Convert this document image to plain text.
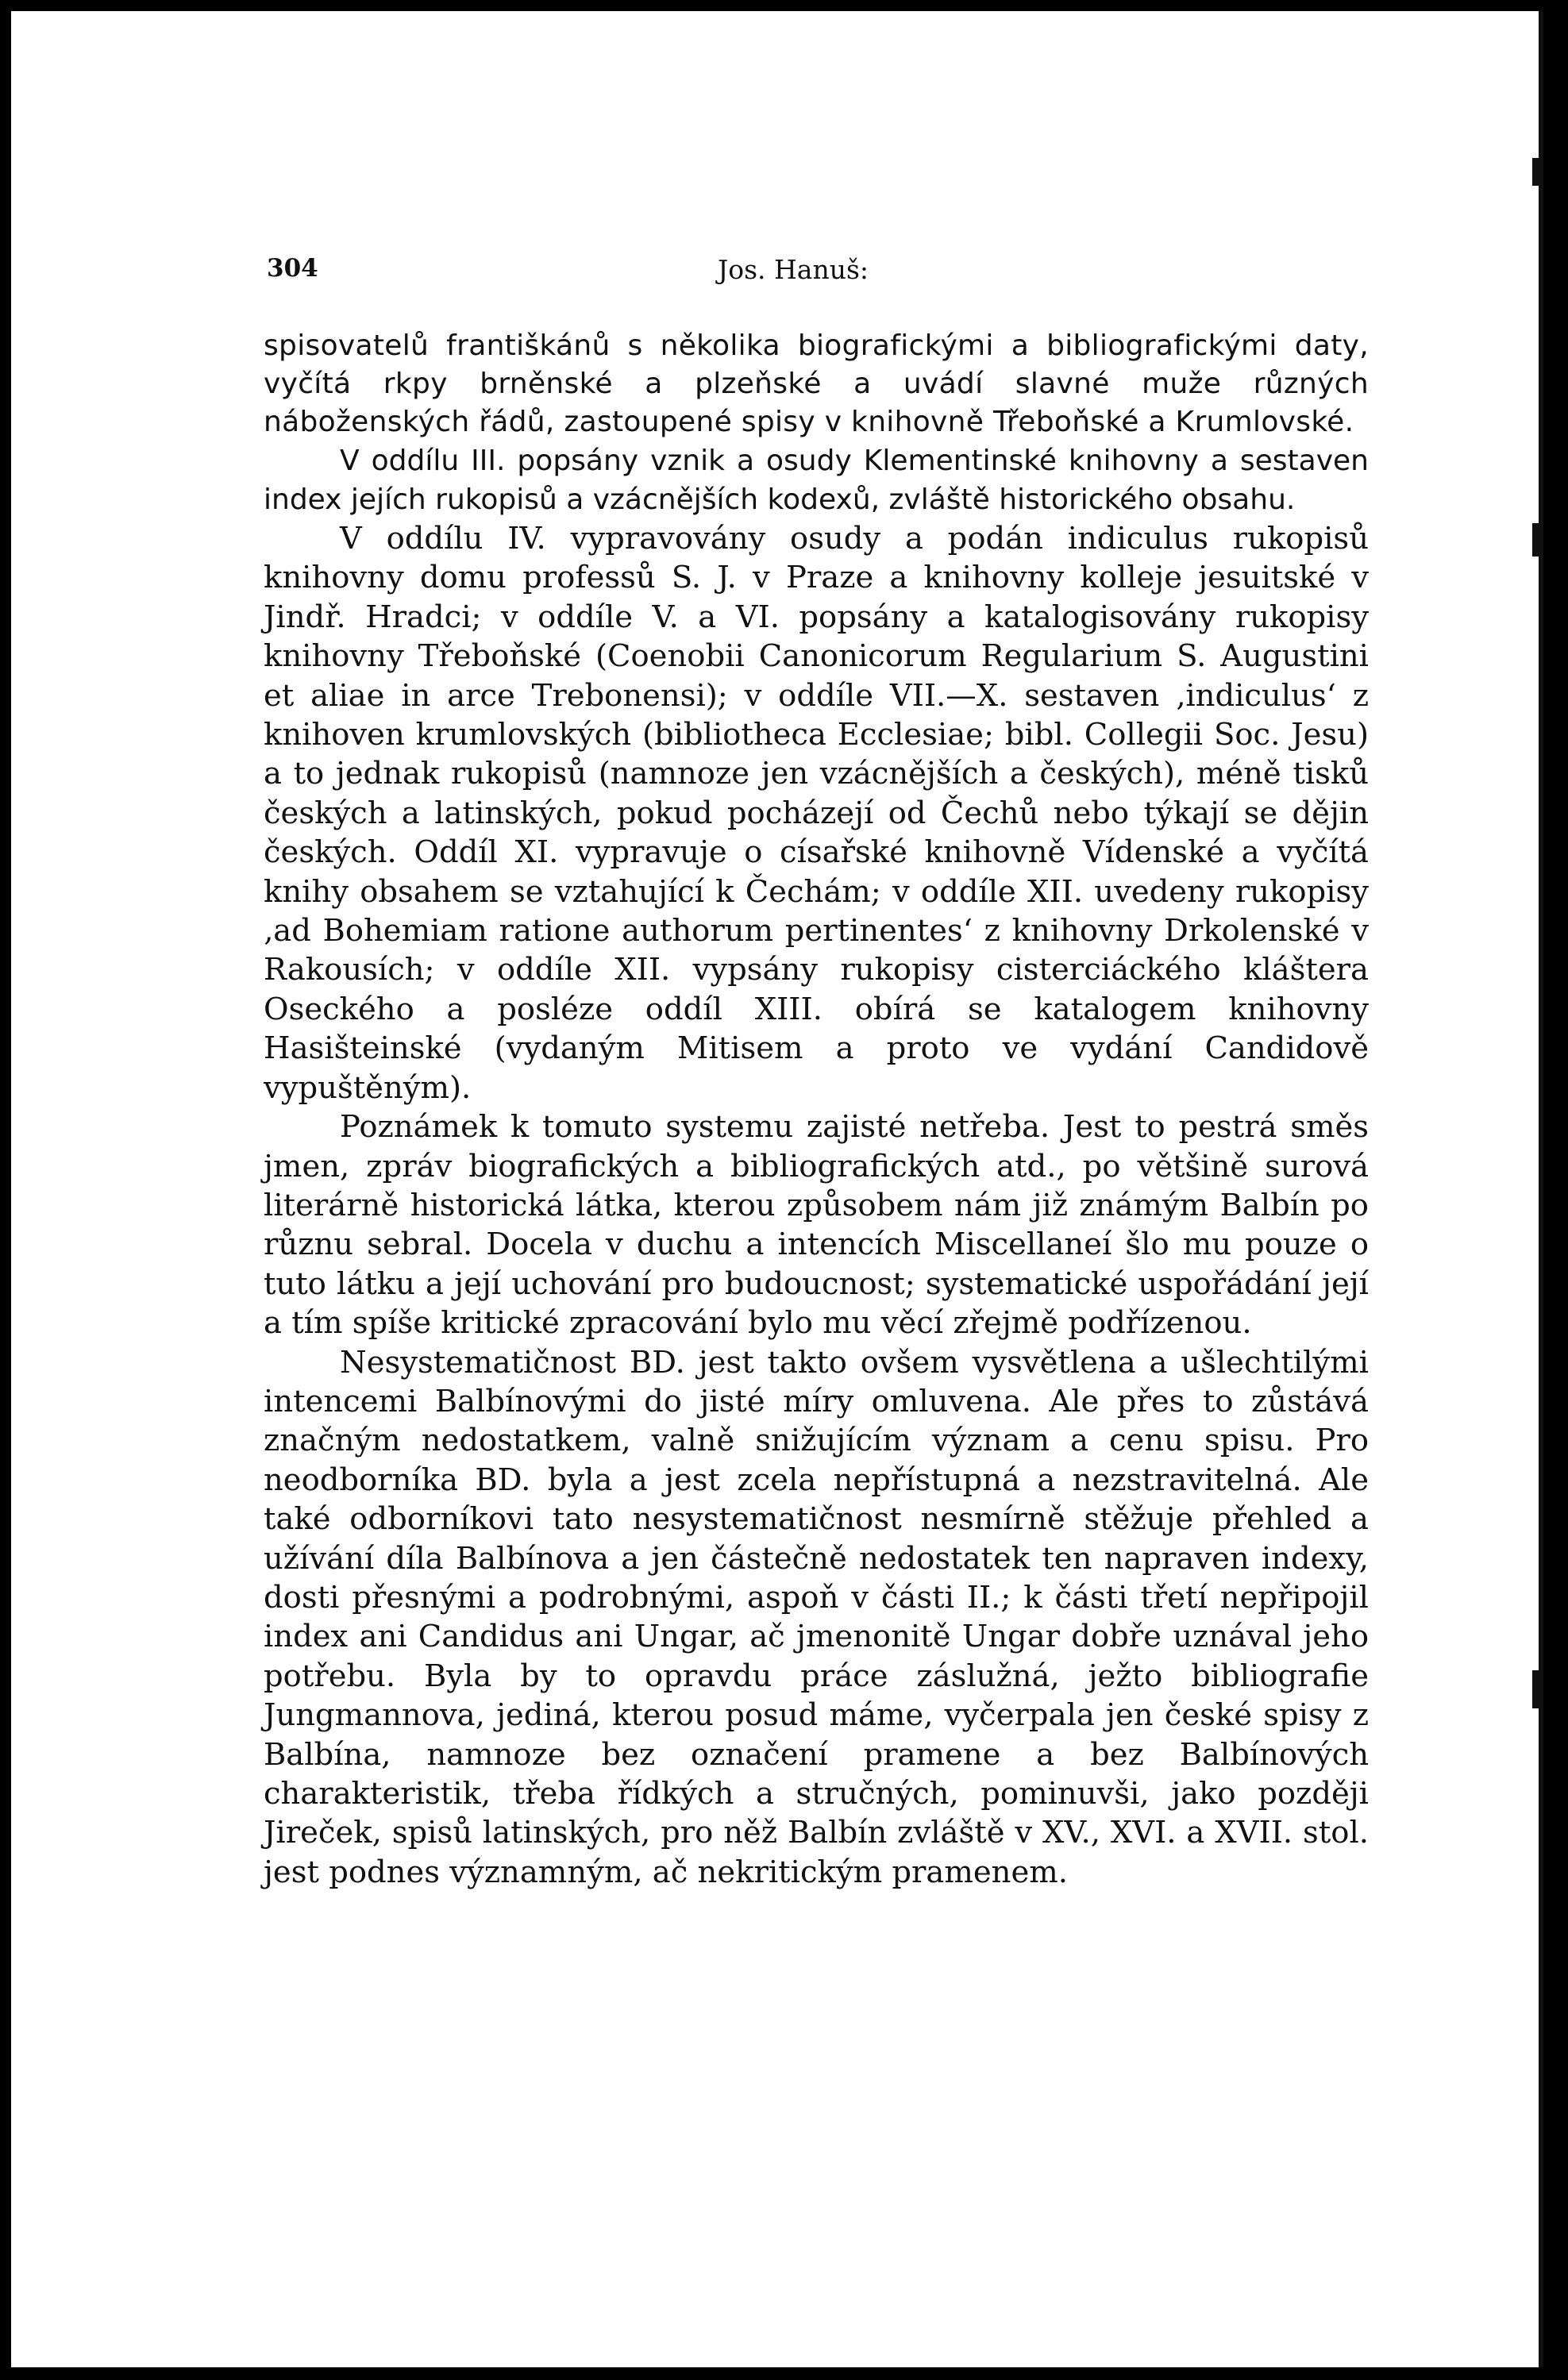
304	Jos. Hanuš:

spisovatelů františkánů s několika biografickými a bibliografickými daty, vyčítá rkpy brněnské a plzeňské a uvádí slavné muže různých náboženských řádů, zastoupené spisy v knihovně Třeboňské a Krumlovské.

V oddílu III. popsány vznik a osudy Klementinské knihovny a sestaven index jejích rukopisů a vzácnějších kodexů, zvláště historického obsahu.

V oddílu IV. vypravovány osudy a podán indiculus rukopisů knihovny domu professů S. J. v Praze a knihovny kolleje jesuitské v Jindř. Hradci; v oddíle V. a VI. popsány a katalogisovány rukopisy knihovny Třeboňské (Coenobii Canonicorum Regularium S. Augustini et aliae in arce Trebonensi); v oddíle VII.—X. sestaven ‚indiculus‘ z knihoven krumlovských (bibliotheca Ecclesiae; bibl. Collegii Soc. Jesu) a to jednak rukopisů (namnoze jen vzácnějších a českých), méně tisků českých a latinských, pokud pocházejí od Čechů nebo týkají se dějin českých. Oddíl XI. vypravuje o císařské knihovně Vídenské a vyčítá knihy obsahem se vztahující k Čechám; v oddíle XII. uvedeny rukopisy ‚ad Bohemiam ratione authorum pertinentes‘ z knihovny Drkolenské v Rakousích; v oddíle XII. vypsány rukopisy cisterciáckého kláštera Oseckého a posléze oddíl XIII. obírá se katalogem knihovny Hasišteinské (vydaným Mitisem a proto ve vydání Candidově vypuštěným).

Poznámek k tomuto systemu zajisté netřeba. Jest to pestrá směs jmen, zpráv biografických a bibliografických atd., po většině surová literárně historická látka, kterou způsobem nám již známým Balbín po různu sebral. Docela v duchu a intencích Miscellaneí šlo mu pouze o tuto látku a její uchování pro budoucnost; systematické uspořádání její a tím spíše kritické zpracování bylo mu věcí zřejmě podřízenou.

Nesystematičnost BD. jest takto ovšem vysvětlena a ušlechtilými intencemi Balbínovými do jisté míry omluvena. Ale přes to zůstává značným nedostatkem, valně snižujícím význam a cenu spisu. Pro neodborníka BD. byla a jest zcela nepřístupná a nezstravitelná. Ale také odborníkovi tato nesystematičnost nesmírně stěžuje přehled a užívání díla Balbínova a jen částečně nedostatek ten napraven indexy, dosti přesnými a podrobnými, aspoň v části II.; k části třetí nepřipojil index ani Candidus ani Ungar, ač jmenonitě Ungar dobře uznával jeho potřebu. Byla by to opravdu práce záslužná, ježto bibliografie Jungmannova, jediná, kterou posud máme, vyčerpala jen české spisy z Balbína, namnoze bez označení pramene a bez Balbínových charakteristik, třeba řídkých a stručných, pominuvši, jako později Jireček, spisů latinských, pro něž Balbín zvláště v XV., XVI. a XVII. stol. jest podnes významným, ač nekritickým pramenem.
